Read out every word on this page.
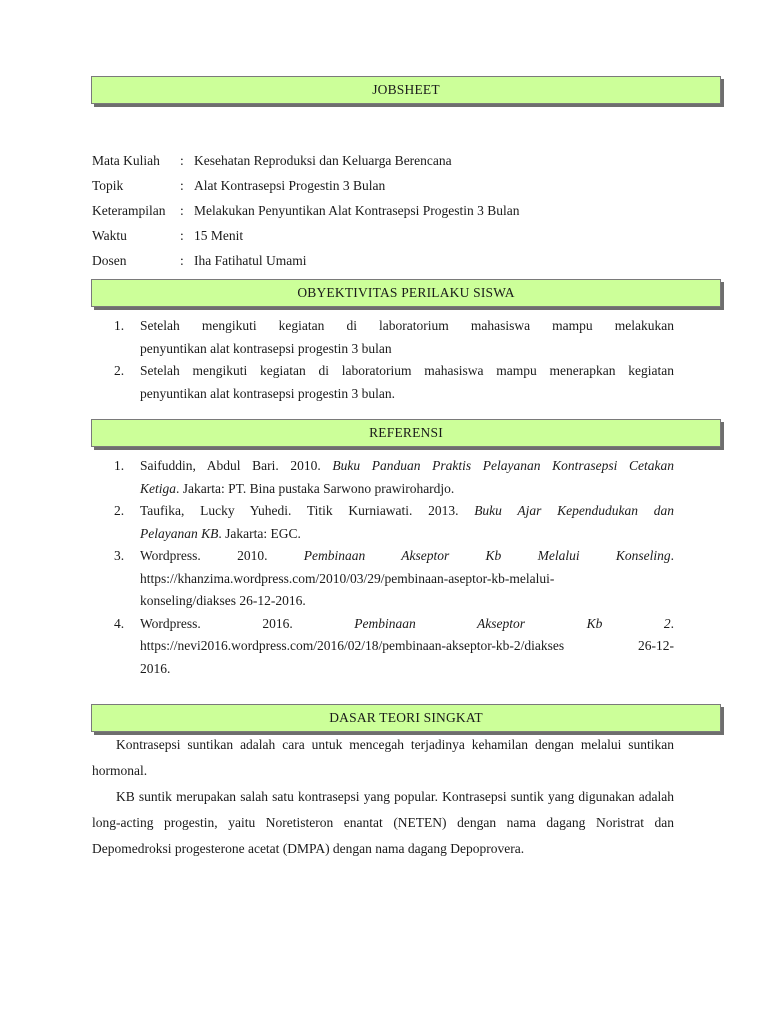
JOBSHEET
Mata Kuliah	: Kesehatan Reproduksi dan Keluarga Berencana
Topik	: Alat Kontrasepsi Progestin 3 Bulan
Keterampilan	: Melakukan Penyuntikan Alat Kontrasepsi Progestin 3 Bulan
Waktu	: 15 Menit
Dosen	: Iha Fatihatul Umami
OBYEKTIVITAS PERILAKU SISWA
1.	Setelah mengikuti kegiatan di laboratorium mahasiswa mampu melakukan
penyuntikan alat kontrasepsi progestin 3 bulan
2.	Setelah mengikuti kegiatan di laboratorium mahasiswa mampu menerapkan kegiatan
penyuntikan alat kontrasepsi progestin 3 bulan.
REFERENSI
1.	Saifuddin, Abdul Bari. 2010. Buku Panduan Praktis Pelayanan Kontrasepsi Cetakan
Ketiga. Jakarta: PT. Bina pustaka Sarwono prawirohardjo.
2.	Taufika, Lucky Yuhedi. Titik Kurniawati. 2013. Buku Ajar Kependudukan dan
Pelayanan KB. Jakarta: EGC.
3.	Wordpress. 2010. Pembinaan Akseptor Kb Melalui Konseling.
https://khanzima.wordpress.com/2010/03/29/pembinaan-aseptor-kb-melalui-
konseling/diakses 26-12-2016.
4.	Wordpress. 2016. Pembinaan Akseptor Kb 2.
https://nevi2016.wordpress.com/2016/02/18/pembinaan-akseptor-kb-2/diakses 26-12-
2016.
DASAR TEORI SINGKAT

Kontrasepsi suntikan adalah cara untuk mencegah terjadinya kehamilan dengan melalui suntikan hormonal.

KB suntik merupakan salah satu kontrasepsi yang popular. Kontrasepsi suntik yang digunakan adalah long-acting progestin, yaitu Noretisteron enantat (NETEN) dengan nama dagang Noristrat dan Depomedroksi progesterone acetat (DMPA) dengan nama dagang Depoprovera.
